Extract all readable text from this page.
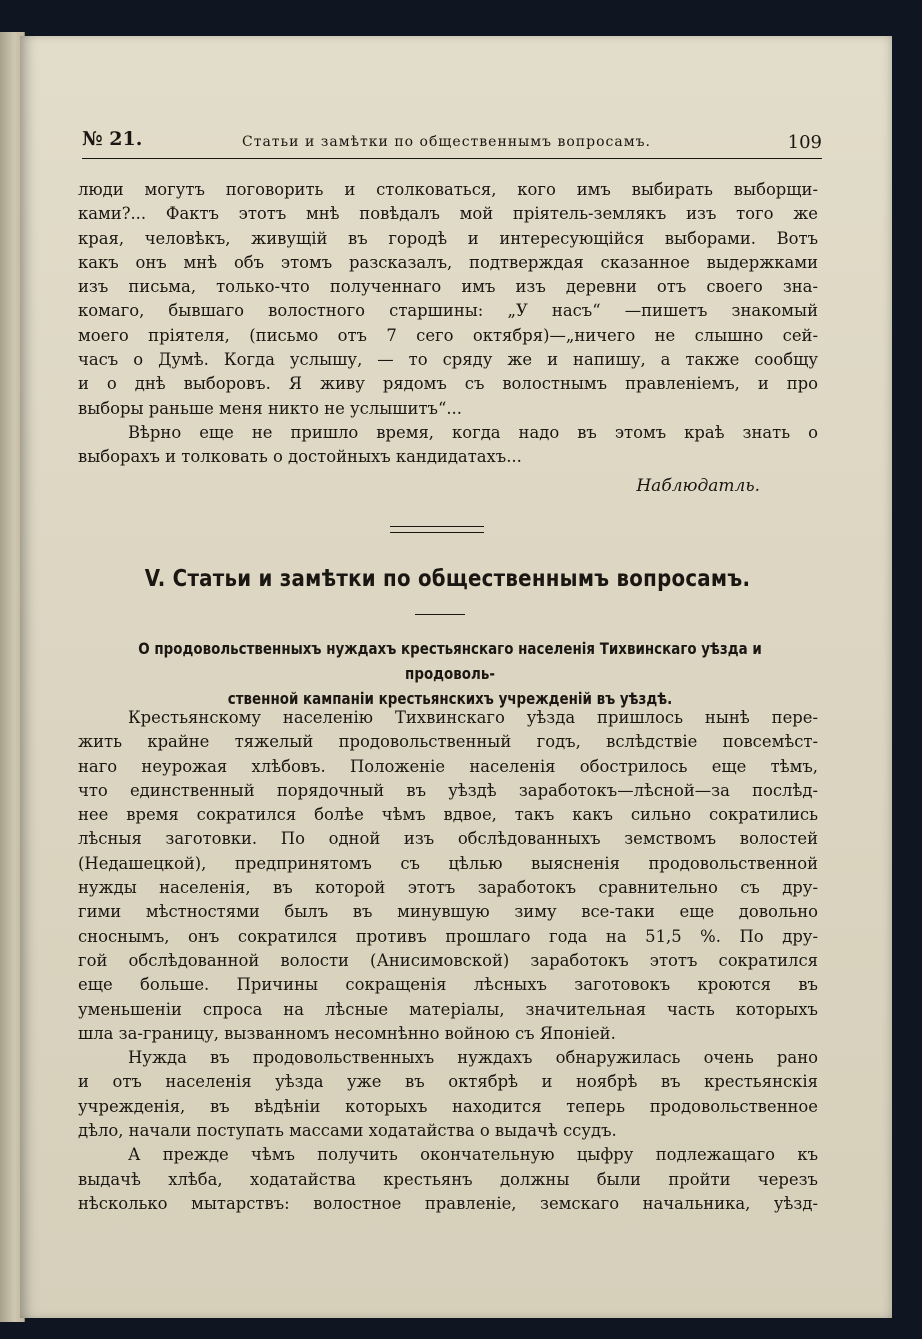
№ 21.	Статьи и замѣтки по общественнымъ вопросамъ.	109
люди могутъ поговорить и столковаться, кого имъ выбирать выборщи-
ками?... Фактъ этотъ мнѣ повѣдалъ мой пріятель-землякъ изъ того же
края, человѣкъ, живущій въ городѣ и интересующійся выборами. Вотъ
какъ онъ мнѣ объ этомъ разсказалъ, подтверждая сказанное выдержками
изъ письма, только-что полученнаго имъ изъ деревни отъ своего зна-
комаго, бывшаго волостного старшины: „У насъ“ —пишетъ знакомый
моего пріятеля, (письмо отъ 7 сего октября)—„ничего не слышно сей-
часъ о Думѣ. Когда услышу, — то сряду же и напишу, а также сообщу
и о днѣ выборовъ. Я живу рядомъ съ волостнымъ правленіемъ, и про
выборы раньше меня никто не услышитъ“...
Вѣрно еще не пришло время, когда надо въ этомъ краѣ знать о
выборахъ и толковать о достойныхъ кандидатахъ...
Наблюдатль.
V. Статьи и замѣтки по общественнымъ вопросамъ.
О продовольственныхъ нуждахъ крестьянскаго населенія Тихвинскаго уѣзда и продоволь-
ственной кампаніи крестьянскихъ учрежденій въ уѣздѣ.
Крестьянскому населенію Тихвинскаго уѣзда пришлось нынѣ пере-
жить крайне тяжелый продовольственный годъ, вслѣдствіе повсемѣст-
наго неурожая хлѣбовъ. Положеніе населенія обострилось еще тѣмъ,
что единственный порядочный въ уѣздѣ заработокъ—лѣсной—за послѣд-
нее время сократился болѣе чѣмъ вдвое, такъ какъ сильно сократились
лѣсныя заготовки. По одной изъ обслѣдованныхъ земствомъ волостей
(Недашецкой), предпринятомъ съ цѣлью выясненія продовольственной
нужды населенія, въ которой этотъ заработокъ сравнительно съ дру-
гими мѣстностями былъ въ минувшую зиму все-таки еще довольно
сноснымъ, онъ сократился противъ прошлаго года на 51,5 %. По дру-
гой обслѣдованной волости (Анисимовской) заработокъ этотъ сократился
еще больше. Причины сокращенія лѣсныхъ заготовокъ кроются въ
уменьшеніи спроса на лѣсные матеріалы, значительная часть которыхъ
шла за-границу, вызванномъ несомнѣнно войною съ Японіей.
Нужда въ продовольственныхъ нуждахъ обнаружилась очень рано
и отъ населенія уѣзда уже въ октябрѣ и ноябрѣ въ крестьянскія
учрежденія, въ вѣдѣніи которыхъ находится теперь продовольственное
дѣло, начали поступать массами ходатайства о выдачѣ ссудъ.
А прежде чѣмъ получить окончательную цыфру подлежащаго къ
выдачѣ хлѣба, ходатайства крестьянъ должны были пройти черезъ
нѣсколько мытарствъ: волостное правленіе, земскаго начальника, уѣзд-
